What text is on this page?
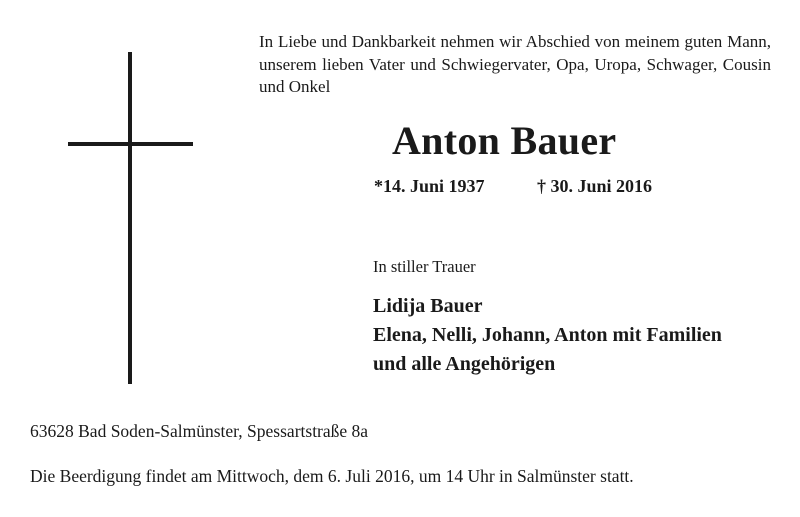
In Liebe und Dankbarkeit nehmen wir Abschied von meinem guten Mann, unserem lieben Vater und Schwiegervater, Opa, Uropa, Schwager, Cousin und Onkel

Anton Bauer
*14. Juni 1937	† 30. Juni 2016

In stiller Trauer

Lidija Bauer
Elena, Nelli, Johann, Anton mit Familien
und alle Angehörigen

63628 Bad Soden-Salmünster, Spessartstraße 8a

Die Beerdigung findet am Mittwoch, dem 6. Juli 2016, um 14 Uhr in Salmünster statt.
